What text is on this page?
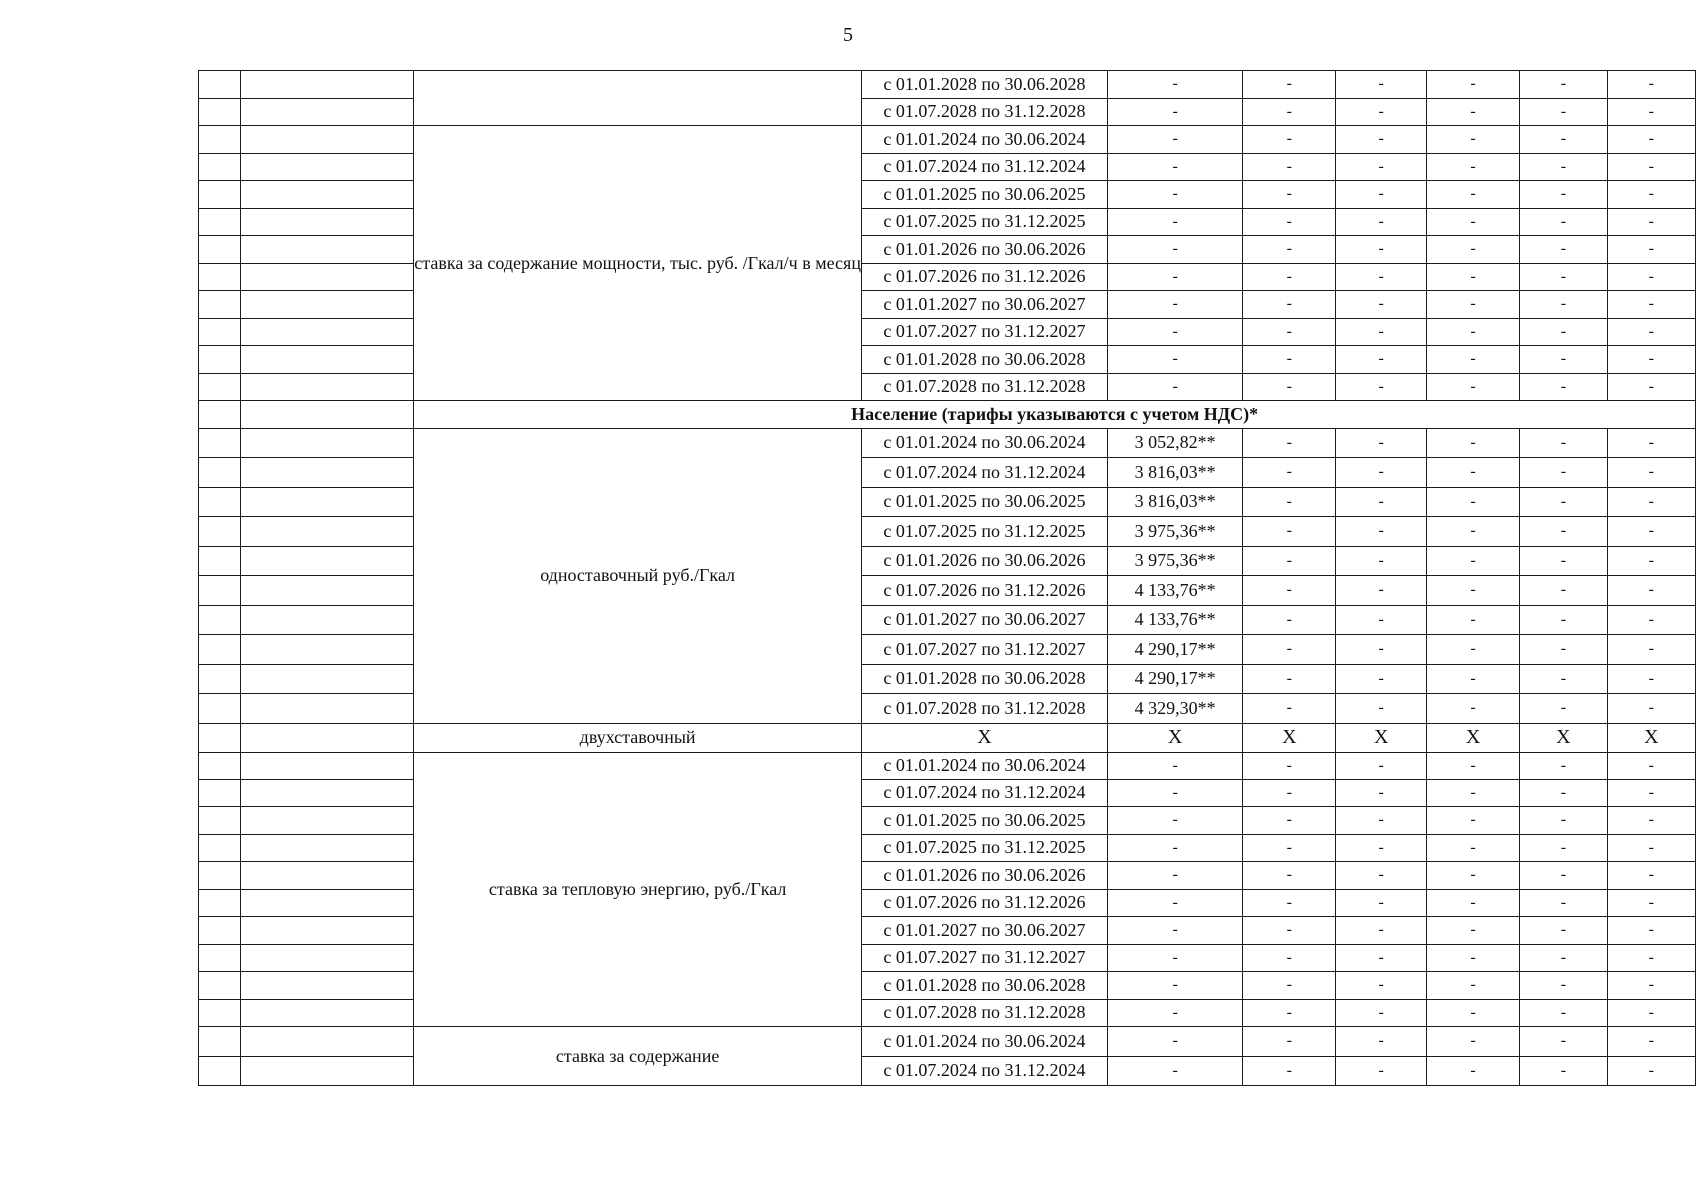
5
			с 01.01.2028 по 30.06.2028	-	-	-	-	-	-
			с 01.07.2028 по 31.12.2028	-	-	-	-	-	-
		ставка за содержание мощности, тыс. руб. /Гкал/ч в месяц	с 01.01.2024 по 30.06.2024	-	-	-	-	-	-
			с 01.07.2024 по 31.12.2024	-	-	-	-	-	-
			с 01.01.2025 по 30.06.2025	-	-	-	-	-	-
			с 01.07.2025 по 31.12.2025	-	-	-	-	-	-
			с 01.01.2026 по 30.06.2026	-	-	-	-	-	-
			с 01.07.2026 по 31.12.2026	-	-	-	-	-	-
			с 01.01.2027 по 30.06.2027	-	-	-	-	-	-
			с 01.07.2027 по 31.12.2027	-	-	-	-	-	-
			с 01.01.2028 по 30.06.2028	-	-	-	-	-	-
			с 01.07.2028 по 31.12.2028	-	-	-	-	-	-
		Население (тарифы указываются с учетом НДС)*							
		одноставочный руб./Гкал	с 01.01.2024 по 30.06.2024	3 052,82**	-	-	-	-	-
			с 01.07.2024 по 31.12.2024	3 816,03**	-	-	-	-	-
			с 01.01.2025 по 30.06.2025	3 816,03**	-	-	-	-	-
			с 01.07.2025 по 31.12.2025	3 975,36**	-	-	-	-	-
			с 01.01.2026 по 30.06.2026	3 975,36**	-	-	-	-	-
			с 01.07.2026 по 31.12.2026	4 133,76**	-	-	-	-	-
			с 01.01.2027 по 30.06.2027	4 133,76**	-	-	-	-	-
			с 01.07.2027 по 31.12.2027	4 290,17**	-	-	-	-	-
			с 01.01.2028 по 30.06.2028	4 290,17**	-	-	-	-	-
			с 01.07.2028 по 31.12.2028	4 329,30**	-	-	-	-	-
		двухставочный	X	X	X	X	X	X	X
		ставка за тепловую энергию, руб./Гкал	с 01.01.2024 по 30.06.2024	-	-	-	-	-	-
			с 01.07.2024 по 31.12.2024	-	-	-	-	-	-
			с 01.01.2025 по 30.06.2025	-	-	-	-	-	-
			с 01.07.2025 по 31.12.2025	-	-	-	-	-	-
			с 01.01.2026 по 30.06.2026	-	-	-	-	-	-
			с 01.07.2026 по 31.12.2026	-	-	-	-	-	-
			с 01.01.2027 по 30.06.2027	-	-	-	-	-	-
			с 01.07.2027 по 31.12.2027	-	-	-	-	-	-
			с 01.01.2028 по 30.06.2028	-	-	-	-	-	-
			с 01.07.2028 по 31.12.2028	-	-	-	-	-	-
		ставка за содержание	с 01.01.2024 по 30.06.2024	-	-	-	-	-	-
			с 01.07.2024 по 31.12.2024	-	-	-	-	-	-
